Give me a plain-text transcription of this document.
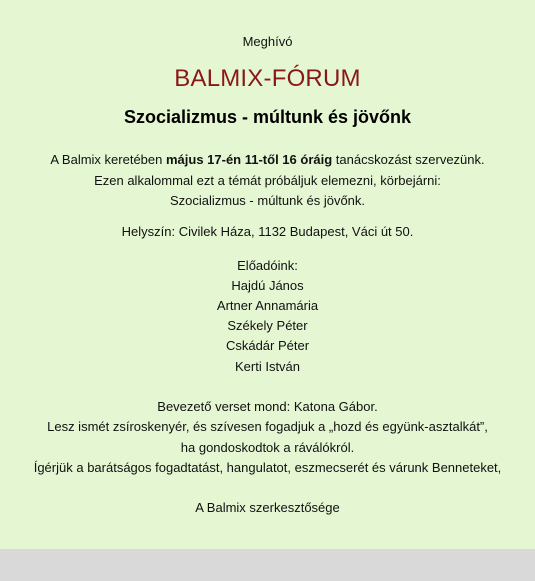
Meghívó
BALMIX-FÓRUM
Szocializmus - múltunk és jövőnk
A Balmix keretében május 17-én 11-től 16 óráig tanácskozást szervezünk.
Ezen alkalommal ezt a témát próbáljuk elemezni, körbejárni:
Szocializmus - múltunk és jövőnk.
Helyszín: Civilek Háza, 1132 Budapest, Váci út 50.
Előadóink:
Hajdú János
Artner Annamária
Székely Péter
Cskádár Péter
Kerti István
Bevezető verset mond: Katona Gábor.
Lesz ismét zsíroskenyér, és szívesen fogadjuk a „hozd és együnk-asztalkát”,
ha gondoskodtok a ráválókról.
Ígérjük a barátságos fogadtatást, hangulatot, eszmecserét és várunk Benneteket,
A Balmix szerkesztősége
